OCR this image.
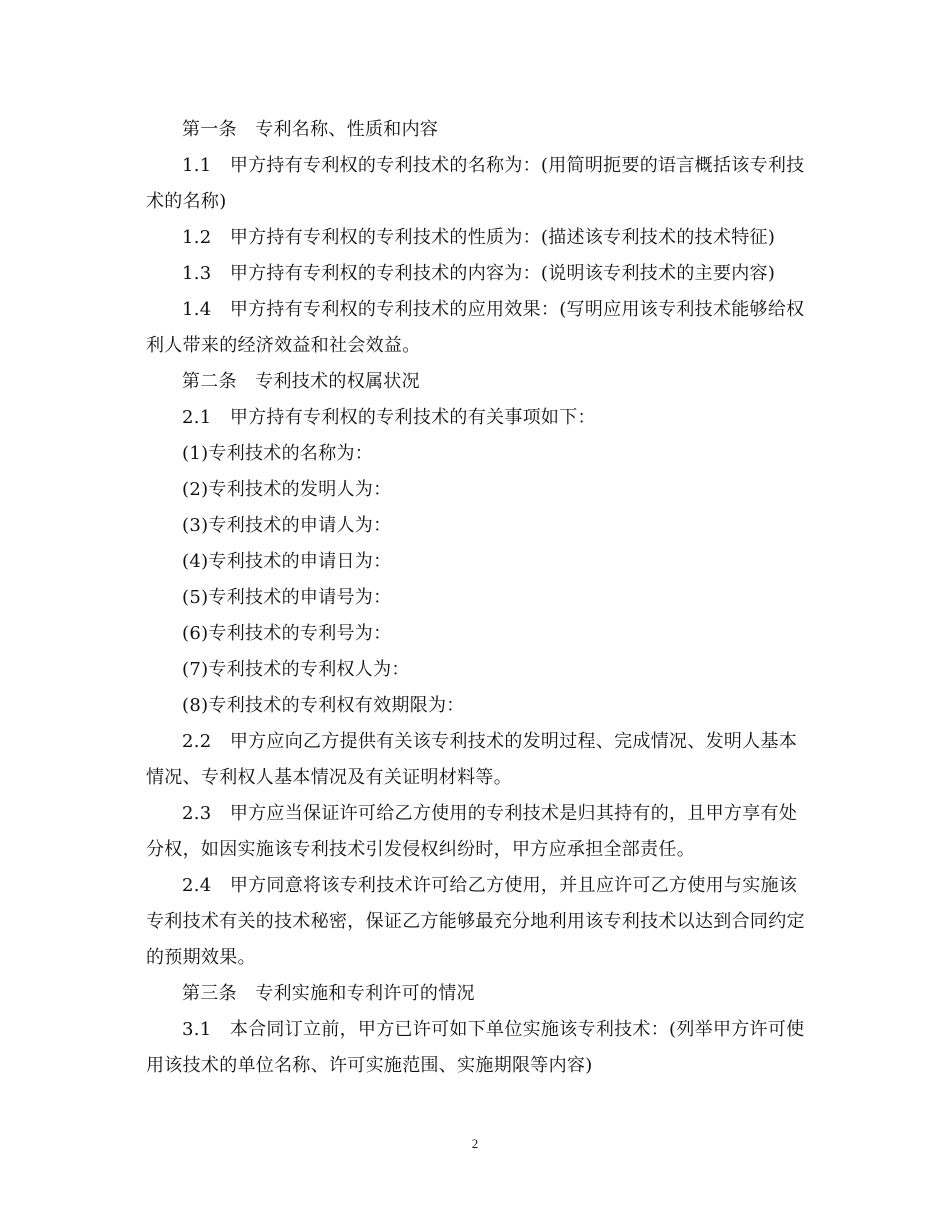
第一条　专利名称、性质和内容

1.1　甲方持有专利权的专利技术的名称为：(用简明扼要的语言概括该专利技术的名称)

1.2　甲方持有专利权的专利技术的性质为：(描述该专利技术的技术特征)

1.3　甲方持有专利权的专利技术的内容为：(说明该专利技术的主要内容)

1.4　甲方持有专利权的专利技术的应用效果：(写明应用该专利技术能够给权利人带来的经济效益和社会效益。

第二条　专利技术的权属状况

2.1　甲方持有专利权的专利技术的有关事项如下：

(1)专利技术的名称为：

(2)专利技术的发明人为：

(3)专利技术的申请人为：

(4)专利技术的申请日为：

(5)专利技术的申请号为：

(6)专利技术的专利号为：

(7)专利技术的专利权人为：

(8)专利技术的专利权有效期限为：

2.2　甲方应向乙方提供有关该专利技术的发明过程、完成情况、发明人基本情况、专利权人基本情况及有关证明材料等。

2.3　甲方应当保证许可给乙方使用的专利技术是归其持有的，且甲方享有处分权，如因实施该专利技术引发侵权纠纷时，甲方应承担全部责任。

2.4　甲方同意将该专利技术许可给乙方使用，并且应许可乙方使用与实施该专利技术有关的技术秘密，保证乙方能够最充分地利用该专利技术以达到合同约定的预期效果。

第三条　专利实施和专利许可的情况

3.1　本合同订立前，甲方已许可如下单位实施该专利技术：(列举甲方许可使用该技术的单位名称、许可实施范围、实施期限等内容)

2
